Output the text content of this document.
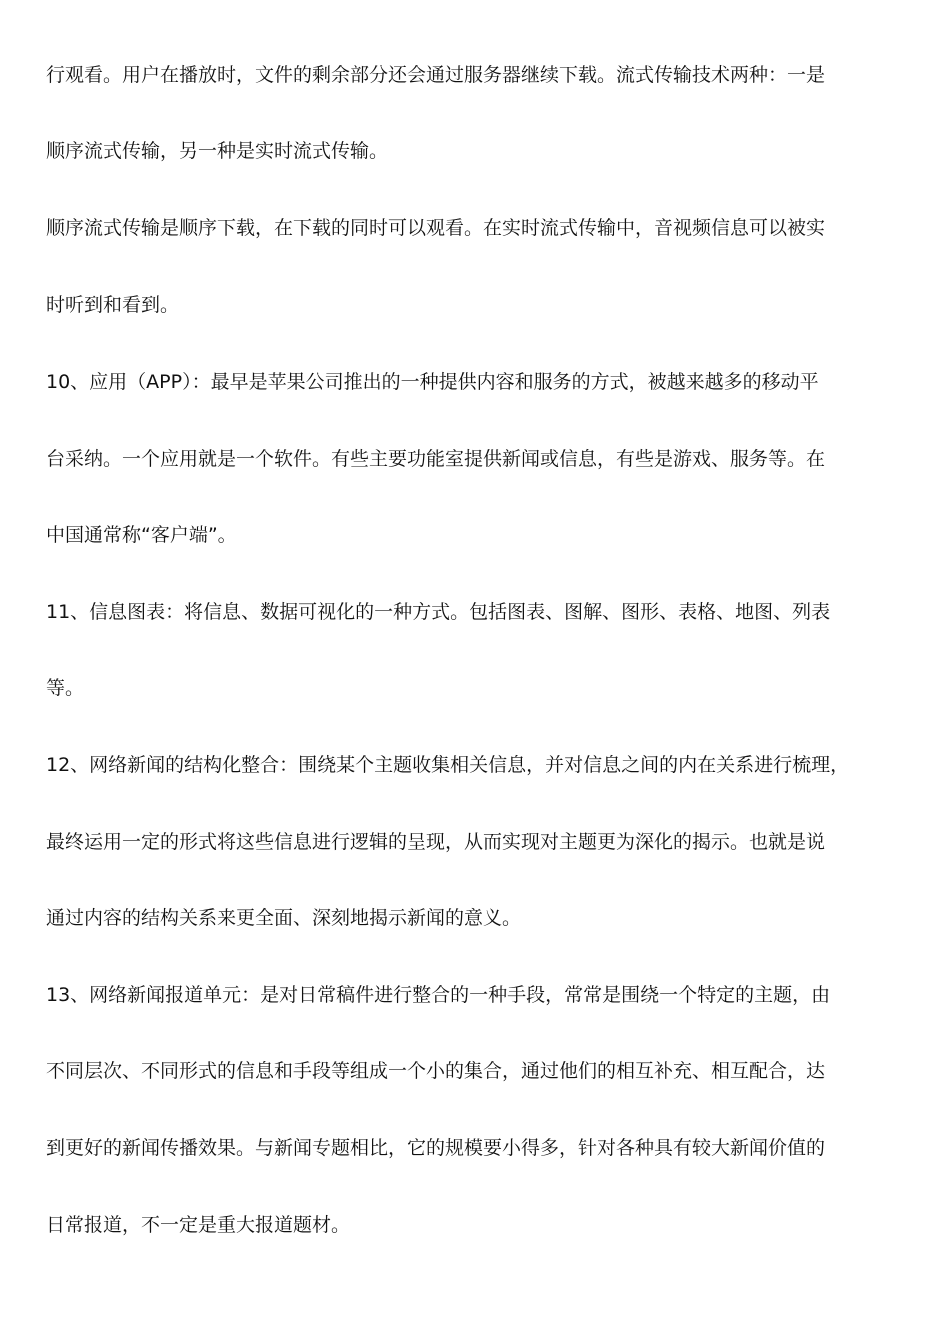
行观看。用户在播放时，文件的剩余部分还会通过服务器继续下载。流式传输技术两种：一是
顺序流式传输，另一种是实时流式传输。
顺序流式传输是顺序下载，在下载的同时可以观看。在实时流式传输中，音视频信息可以被实
时听到和看到。
10、应用（APP）：最早是苹果公司推出的一种提供内容和服务的方式，被越来越多的移动平
台采纳。一个应用就是一个软件。有些主要功能室提供新闻或信息，有些是游戏、服务等。在
中国通常称“客户端”。
11、信息图表：将信息、数据可视化的一种方式。包括图表、图解、图形、表格、地图、列表
等。
12、网络新闻的结构化整合：围绕某个主题收集相关信息，并对信息之间的内在关系进行梳理，
最终运用一定的形式将这些信息进行逻辑的呈现，从而实现对主题更为深化的揭示。也就是说
通过内容的结构关系来更全面、深刻地揭示新闻的意义。
13、网络新闻报道单元：是对日常稿件进行整合的一种手段，常常是围绕一个特定的主题，由
不同层次、不同形式的信息和手段等组成一个小的集合，通过他们的相互补充、相互配合，达
到更好的新闻传播效果。与新闻专题相比，它的规模要小得多，针对各种具有较大新闻价值的
日常报道，不一定是重大报道题材。
